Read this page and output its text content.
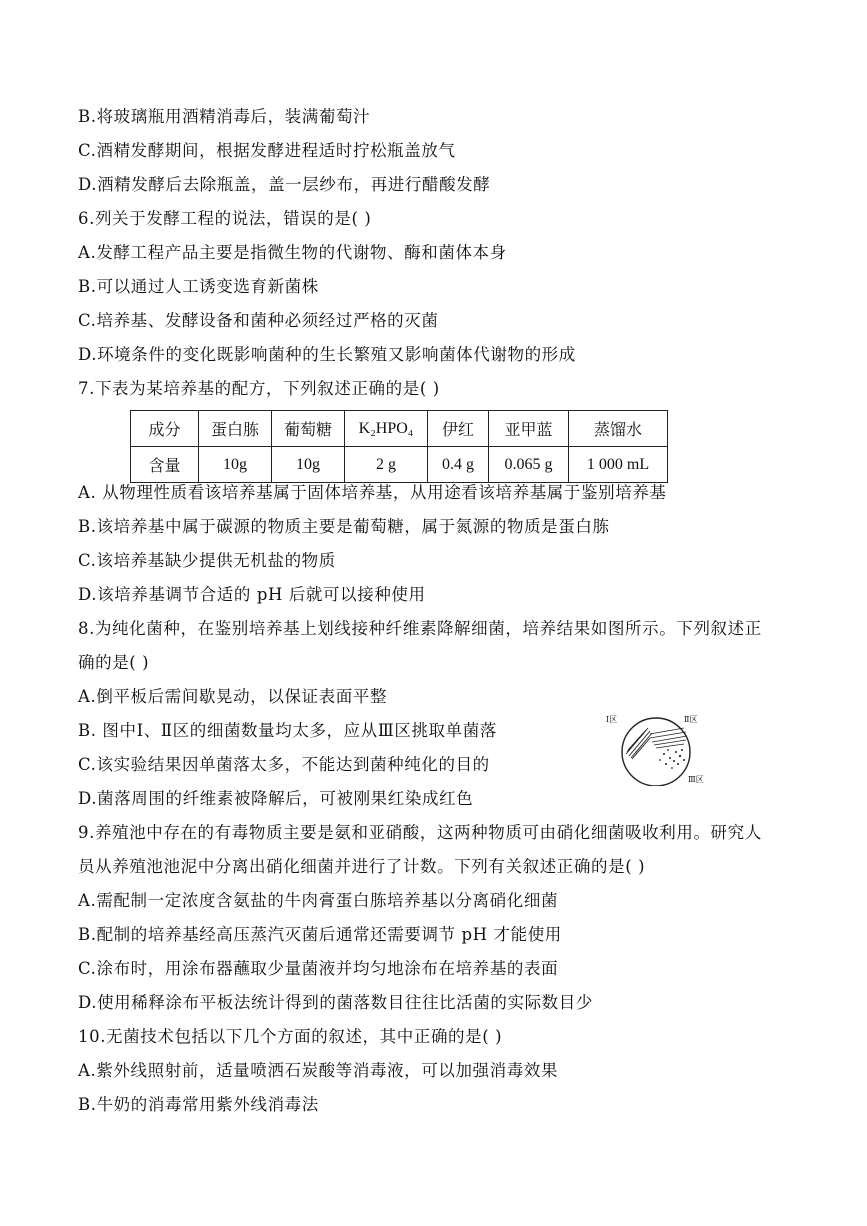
B.将玻璃瓶用酒精消毒后，装满葡萄汁
C.酒精发酵期间，根据发酵进程适时拧松瓶盖放气
D.酒精发酵后去除瓶盖，盖一层纱布，再进行醋酸发酵
6.列关于发酵工程的说法，错误的是( )
A.发酵工程产品主要是指微生物的代谢物、酶和菌体本身
B.可以通过人工诱变选育新菌株
C.培养基、发酵设备和菌种必须经过严格的灭菌
D.环境条件的变化既影响菌种的生长繁殖又影响菌体代谢物的形成
7.下表为某培养基的配方，下列叙述正确的是( )
成分	蛋白胨	葡萄糖	K₂HPO₄	伊红	亚甲蓝	蒸馏水
含量	10g	10g	2 g	0.4 g	0.065 g	1 000 mL
A. 从物理性质看该培养基属于固体培养基，从用途看该培养基属于鉴别培养基
B.该培养基中属于碳源的物质主要是葡萄糖，属于氮源的物质是蛋白胨
C.该培养基缺少提供无机盐的物质
D.该培养基调节合适的 pH 后就可以接种使用
8.为纯化菌种，在鉴别培养基上划线接种纤维素降解细菌，培养结果如图所示。下列叙述正
确的是( )
A.倒平板后需间歇晃动，以保证表面平整
B. 图中Ⅰ、Ⅱ区的细菌数量均太多，应从Ⅲ区挑取单菌落
C.该实验结果因单菌落太多，不能达到菌种纯化的目的
D.菌落周围的纤维素被降解后，可被刚果红染成红色
Ⅰ区	Ⅱ区
Ⅲ区
9.养殖池中存在的有毒物质主要是氨和亚硝酸，这两种物质可由硝化细菌吸收利用。研究人
员从养殖池池泥中分离出硝化细菌并进行了计数。下列有关叙述正确的是( )
A.需配制一定浓度含氨盐的牛肉膏蛋白胨培养基以分离硝化细菌
B.配制的培养基经高压蒸汽灭菌后通常还需要调节 pH 才能使用
C.涂布时，用涂布器蘸取少量菌液并均匀地涂布在培养基的表面
D.使用稀释涂布平板法统计得到的菌落数目往往比活菌的实际数目少
10.无菌技术包括以下几个方面的叙述，其中正确的是( )
A.紫外线照射前，适量喷洒石炭酸等消毒液，可以加强消毒效果
B.牛奶的消毒常用紫外线消毒法
